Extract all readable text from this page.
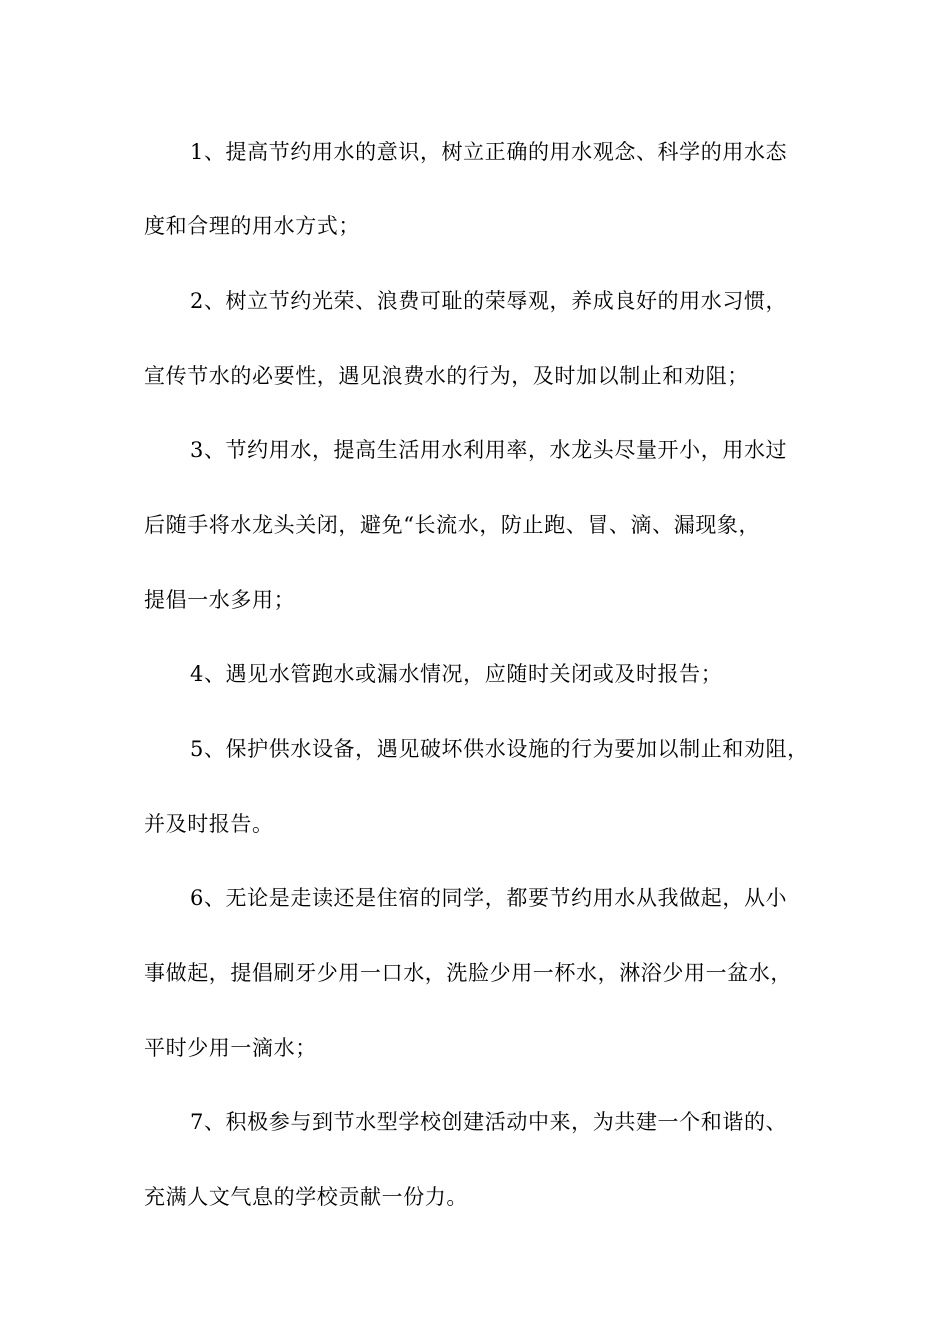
1、提高节约用水的意识，树立正确的用水观念、科学的用水态
度和合理的用水方式；
2、树立节约光荣、浪费可耻的荣辱观，养成良好的用水习惯，
宣传节水的必要性，遇见浪费水的行为，及时加以制止和劝阻；
3、节约用水，提高生活用水利用率，水龙头尽量开小，用水过
后随手将水龙头关闭，避免“长流水，防止跑、冒、滴、漏现象，
提倡一水多用；
4、遇见水管跑水或漏水情况，应随时关闭或及时报告；
5、保护供水设备，遇见破坏供水设施的行为要加以制止和劝阻，
并及时报告。
6、无论是走读还是住宿的同学，都要节约用水从我做起，从小
事做起，提倡刷牙少用一口水，洗脸少用一杯水，淋浴少用一盆水，
平时少用一滴水；
7、积极参与到节水型学校创建活动中来，为共建一个和谐的、
充满人文气息的学校贡献一份力。
